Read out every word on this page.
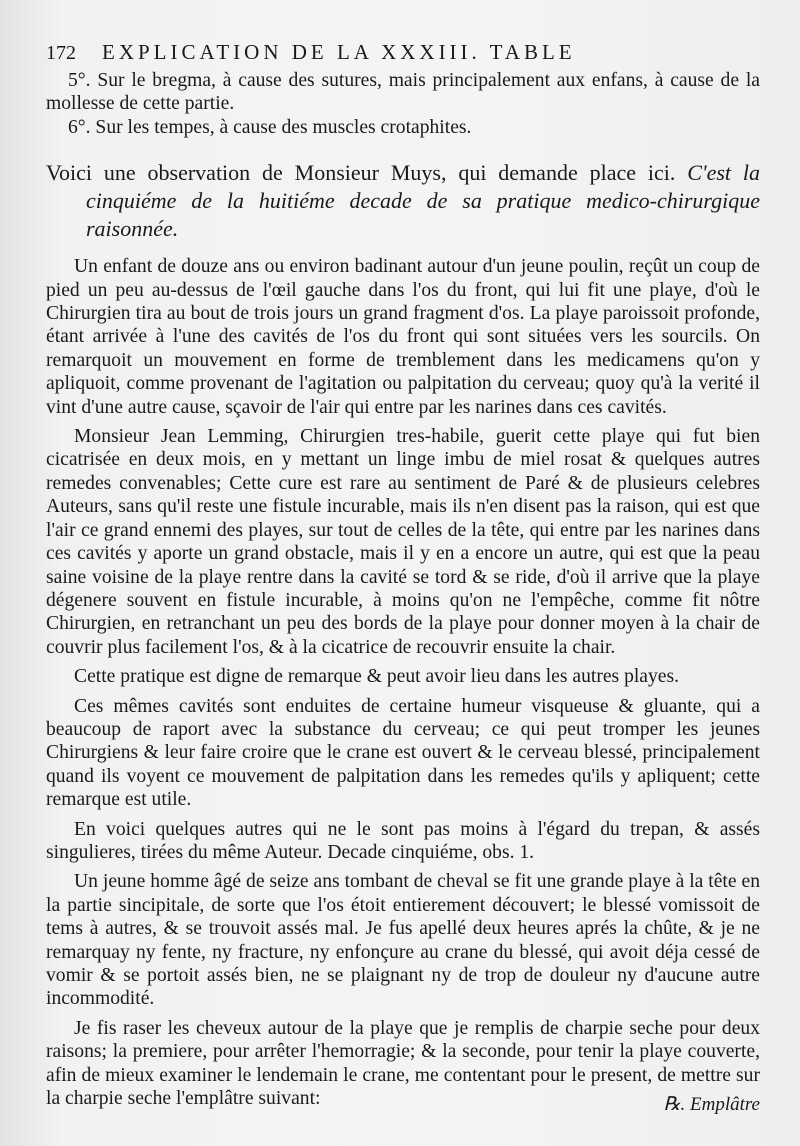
172 EXPLICATION DE LA XXXIII. TABLE

5°. Sur le bregma, à cause des sutures, mais principalement aux enfans, à cause de la mollesse de cette partie.

6°. Sur les tempes, à cause des muscles crotaphites.

Voici une observation de Monsieur Muys, qui demande place ici. C'est la cinquiéme de la huitiéme decade de sa pratique medico-chirurgique raisonnée.

Un enfant de douze ans ou environ badinant autour d'un jeune poulin, reçût un coup de pied un peu au-dessus de l'œil gauche dans l'os du front, qui lui fit une playe, d'où le Chirurgien tira au bout de trois jours un grand fragment d'os. La playe paroissoit profonde, étant arrivée à l'une des cavités de l'os du front qui sont situées vers les sourcils. On remarquoit un mouvement en forme de tremblement dans les medicamens qu'on y apliquoit, comme provenant de l'agitation ou palpitation du cerveau; quoy qu'à la verité il vint d'une autre cause, sçavoir de l'air qui entre par les narines dans ces cavités.

Monsieur Jean Lemming, Chirurgien tres-habile, guerit cette playe qui fut bien cicatrisée en deux mois, en y mettant un linge imbu de miel rosat & quelques autres remedes convenables; Cette cure est rare au sentiment de Paré & de plusieurs celebres Auteurs, sans qu'il reste une fistule incurable, mais ils n'en disent pas la raison, qui est que l'air ce grand ennemi des playes, sur tout de celles de la tête, qui entre par les narines dans ces cavités y aporte un grand obstacle, mais il y en a encore un autre, qui est que la peau saine voisine de la playe rentre dans la cavité se tord & se ride, d'où il arrive que la playe dégenere souvent en fistule incurable, à moins qu'on ne l'empêche, comme fit nôtre Chirurgien, en retranchant un peu des bords de la playe pour donner moyen à la chair de couvrir plus facilement l'os, & à la cicatrice de recouvrir ensuite la chair.

Cette pratique est digne de remarque & peut avoir lieu dans les autres playes.

Ces mêmes cavités sont enduites de certaine humeur visqueuse & gluante, qui a beaucoup de raport avec la substance du cerveau; ce qui peut tromper les jeunes Chirurgiens & leur faire croire que le crane est ouvert & le cerveau blessé, principalement quand ils voyent ce mouvement de palpitation dans les remedes qu'ils y apliquent; cette remarque est utile.

En voici quelques autres qui ne le sont pas moins à l'égard du trepan, & assés singulieres, tirées du même Auteur. Decade cinquiéme, obs. 1.

Un jeune homme âgé de seize ans tombant de cheval se fit une grande playe à la tête en la partie sincipitale, de sorte que l'os étoit entierement découvert; le blessé vomissoit de tems à autres, & se trouvoit assés mal. Je fus apellé deux heures aprés la chûte, & je ne remarquay ny fente, ny fracture, ny enfonçure au crane du blessé, qui avoit déja cessé de vomir & se portoit assés bien, ne se plaignant ny de trop de douleur ny d'aucune autre incommodité.

Je fis raser les cheveux autour de la playe que je remplis de charpie seche pour deux raisons; la premiere, pour arrêter l'hemorragie; & la seconde, pour tenir la playe couverte, afin de mieux examiner le lendemain le crane, me contentant pour le present, de mettre sur la charpie seche l'emplâtre suivant:	℞. Emplâtre
